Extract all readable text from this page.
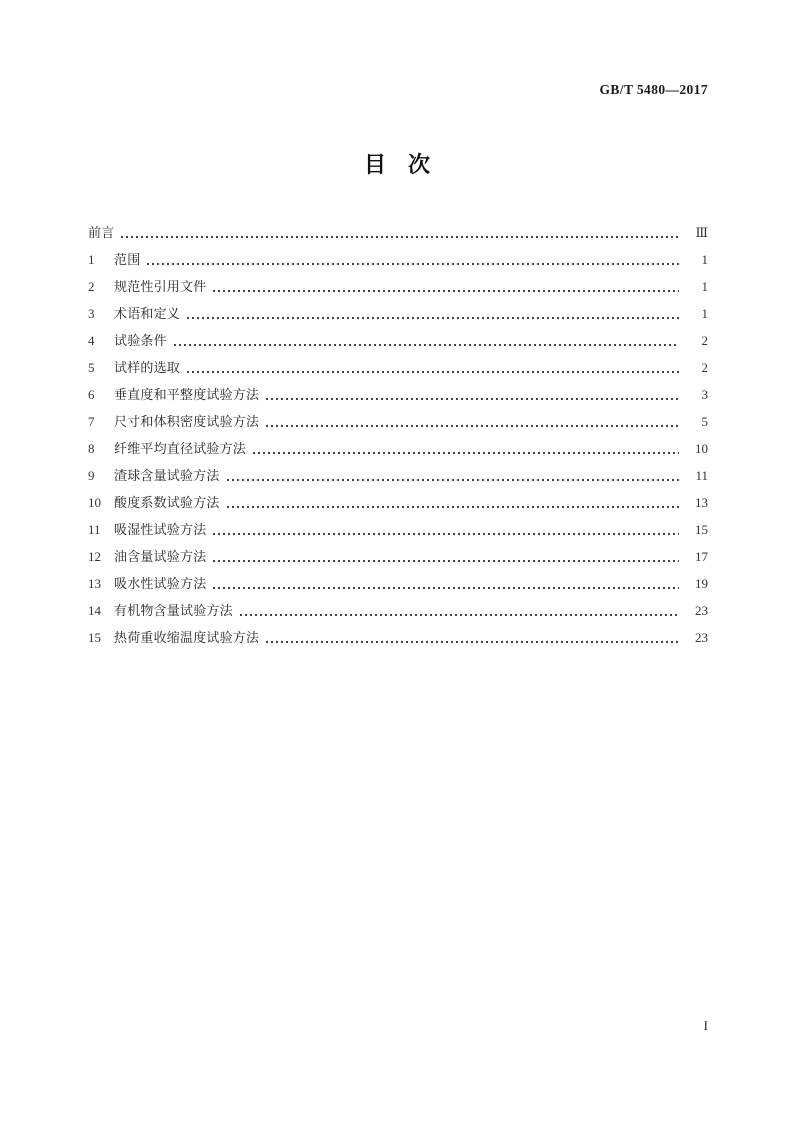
GB/T 5480—2017
目次
前言	Ⅲ
1	范围	1
2	规范性引用文件	1
3	术语和定义	1
4	试验条件	2
5	试样的选取	2
6	垂直度和平整度试验方法	3
7	尺寸和体积密度试验方法	5
8	纤维平均直径试验方法	10
9	渣球含量试验方法	11
10	酸度系数试验方法	13
11	吸湿性试验方法	15
12	油含量试验方法	17
13	吸水性试验方法	19
14	有机物含量试验方法	23
15	热荷重收缩温度试验方法	23
I
